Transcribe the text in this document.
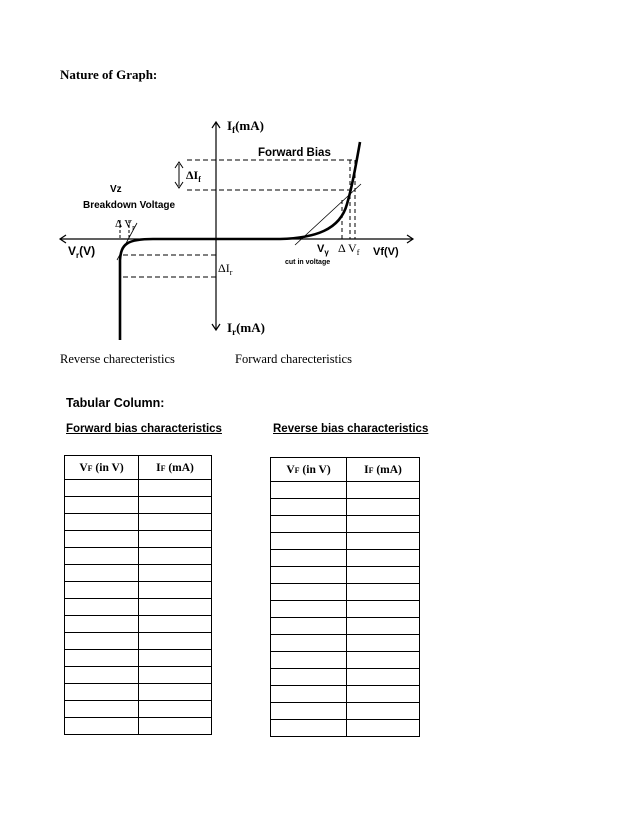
Nature of Graph:
$I_f(mA)$
Forward Bias
$\Delta I_f$
Vz
Breakdown Voltage
Δ $V_r$
$V_r(V)$
$\Delta I_r$
$V_\gamma$ Δ $V_f$ Vf(V)
cut in voltage
$I_r(mA)$
Reverse charecteristics	Forward charecteristics
Tabular Column:
Forward bias characteristics	Reverse bias characteristics
VF (in V)	IF (mA)

		VF (in V)	IF (mA)
